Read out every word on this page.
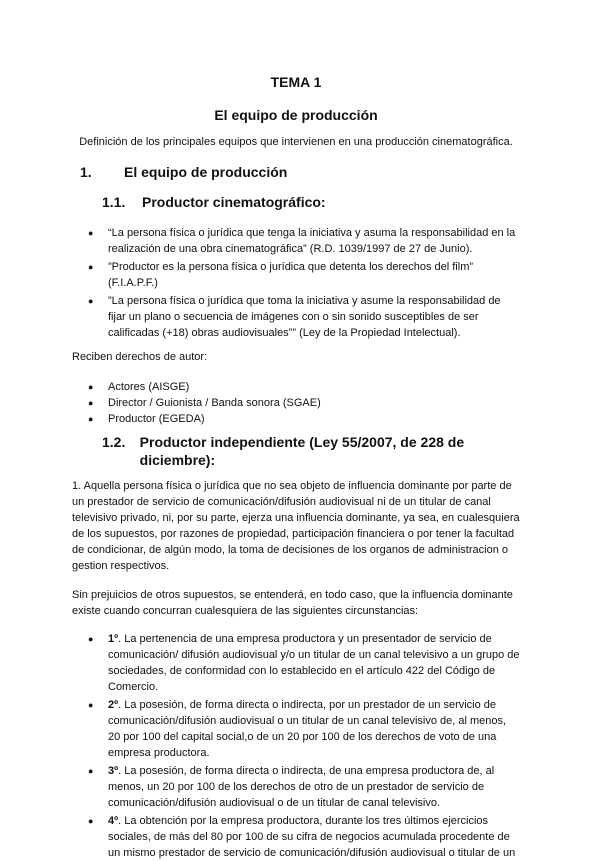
TEMA 1

El equipo de producción

Definición de los principales equipos que intervienen en una producción cinematográfica.

1.	El equipo de producción
1.1.	Productor cinematográfico:
● “La persona física o jurídica que tenga la iniciativa y asuma la responsabilidad en la realización de una obra cinematográfica” (R.D. 1039/1997 de 27 de Junio).
● ”Productor es la persona física o jurídica que detenta los derechos del film” (F.I.A.P.F.)
● ”La persona física o jurídica que toma la iniciativa y asume la responsabilidad de fijar un plano o secuencia de imágenes con o sin sonido susceptibles de ser calificadas (+18) obras audiovisuales”” (Ley de la Propiedad Intelectual).

Reciben derechos de autor:

● Actores (AISGE)
● Director / Guionista / Banda sonora (SGAE)
● Productor (EGEDA)
1.2.	Productor independiente (Ley 55/2007, de 228 de diciembre):

1. Aquella persona física o jurídica que no sea objeto de influencia dominante por parte de un prestador de servicio de comunicación/difusión audiovisual ni de un titular de canal televisivo privado, ni, por su parte, ejerza una influencia dominante, ya sea, en cualesquiera de los supuestos, por razones de propiedad, participación financiera o por tener la facultad de condicionar, de algún modo, la toma de decisiones de los organos de administracion o gestion respectivos.

Sin prejuicios de otros supuestos, se entenderá, en todo caso, que la influencia dominante existe cuando concurran cualesquiera de las siguientes circunstancias:

● 1º. La pertenencia de una empresa productora y un presentador de servicio de comunicación/ difusión audiovisual y/o un titular de un canal televisivo a un grupo de sociedades, de conformidad con lo establecido en el artículo 422 del Código de Comercio.
● 2º. La posesión, de forma directa o indirecta, por un prestador de un servicio de comunicación/difusión audiovisual o un titular de un canal televisivo de, al menos, 20 por 100 del capital social,o de un 20 por 100 de los derechos de voto de una empresa productora.
● 3º. La posesión, de forma directa o indirecta, de una empresa productora de, al menos, un 20 por 100 de los derechos de otro de un prestador de servicio de comunicación/difusión audiovisual o de un titular de canal televisivo.
● 4º. La obtención por la empresa productora, durante los tres últimos ejercicios sociales, de más del 80 por 100 de su cifra de negocios acumulada procedente de un mismo prestador de servicio de comunicación/difusión audiovisual o titular de un
